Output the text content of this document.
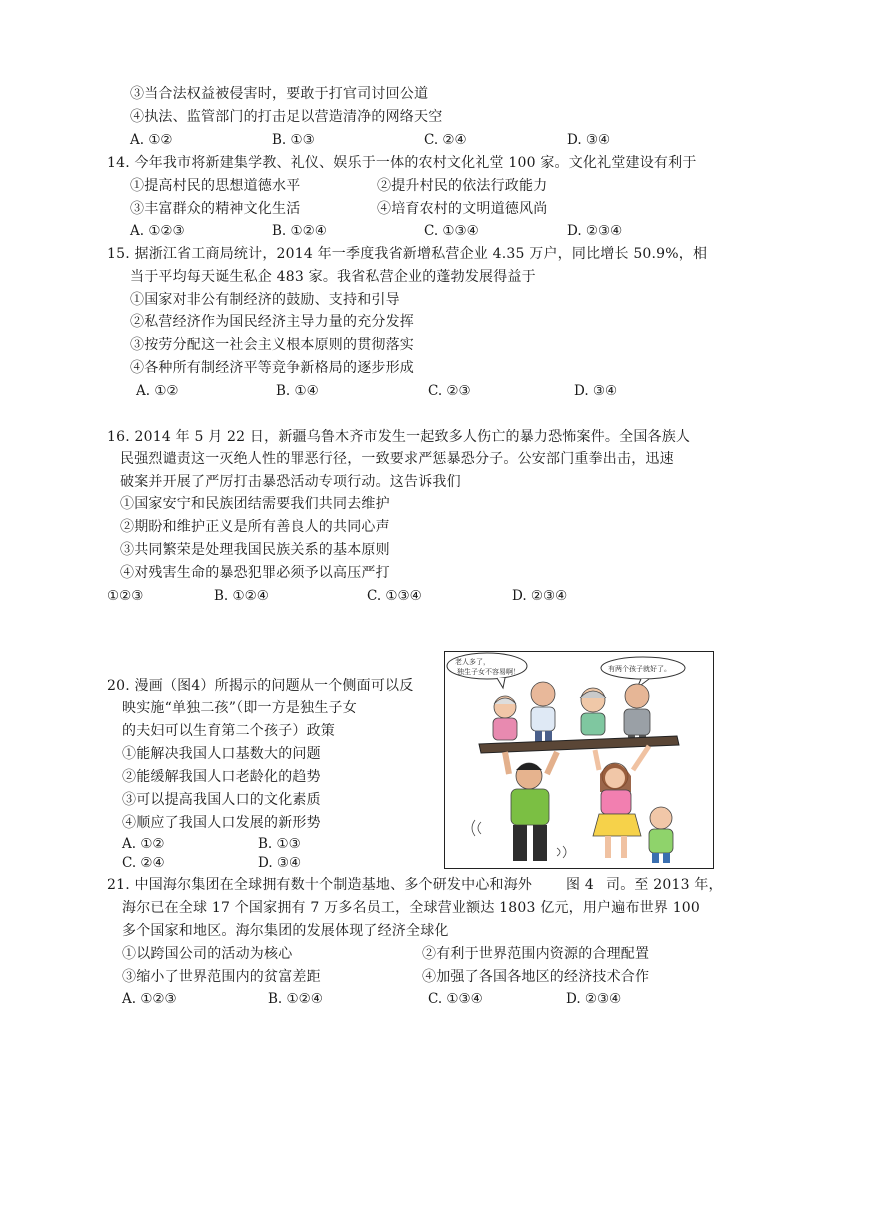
③当合法权益被侵害时，要敢于打官司讨回公道
④执法、监管部门的打击足以营造清净的网络天空
A. ①②	B. ①③	C. ②④	D. ③④
14. 今年我市将新建集学教、礼仪、娱乐于一体的农村文化礼堂 100 家。文化礼堂建设有利于
①提高村民的思想道德水平	②提升村民的依法行政能力
③丰富群众的精神文化生活	④培育农村的文明道德风尚
A. ①②③	B. ①②④	C. ①③④	D. ②③④
15. 据浙江省工商局统计，2014 年一季度我省新增私营企业 4.35 万户，同比增长 50.9%，相
当于平均每天诞生私企 483 家。我省私营企业的蓬勃发展得益于
①国家对非公有制经济的鼓励、支持和引导
②私营经济作为国民经济主导力量的充分发挥
③按劳分配这一社会主义根本原则的贯彻落实
④各种所有制经济平等竞争新格局的逐步形成
A. ①②	B. ①④	C. ②③	D. ③④
16. 2014 年 5 月 22 日，新疆乌鲁木齐市发生一起致多人伤亡的暴力恐怖案件。全国各族人
民强烈谴责这一灭绝人性的罪恶行径，一致要求严惩暴恐分子。公安部门重拳出击，迅速
破案并开展了严厉打击暴恐活动专项行动。这告诉我们
①国家安宁和民族团结需要我们共同去维护
②期盼和维护正义是所有善良人的共同心声
③共同繁荣是处理我国民族关系的基本原则
④对残害生命的暴恐犯罪必须予以高压严打
①②③	B. ①②④	C. ①③④	D. ②③④
20. 漫画（图4）所揭示的问题从一个侧面可以反
映实施“单独二孩”（即一方是独生子女
的夫妇可以生育第二个孩子）政策
①能解决我国人口基数大的问题
②能缓解我国人口老龄化的趋势
③可以提高我国人口的文化素质
④顺应了我国人口发展的新形势
A. ①②	B. ①③
C. ②④	D. ③④
老人多了，
独生子女不容易啊！	有两个孩子就好了。
21. 中国海尔集团在全球拥有数十个制造基地、多个研发中心和海外 图 4 司。至 2013 年，
海尔已在全球 17 个国家拥有 7 万多名员工，全球营业额达 1803 亿元，用户遍布世界 100
多个国家和地区。海尔集团的发展体现了经济全球化
①以跨国公司的活动为核心	②有利于世界范围内资源的合理配置
③缩小了世界范围内的贫富差距	④加强了各国各地区的经济技术合作
A. ①②③	B. ①②④	C. ①③④	D. ②③④
